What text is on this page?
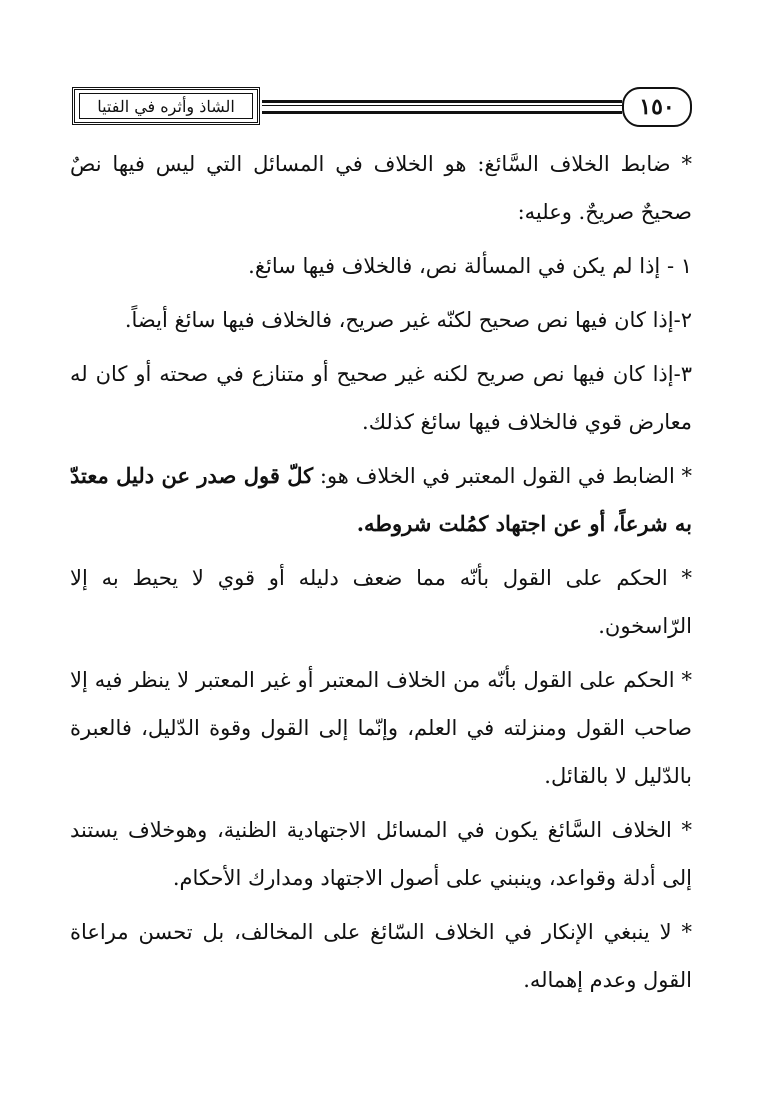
الشاذ وأثره في الفتيا	١٥٠

* ضابط الخلاف السَّائغ: هو الخلاف في المسائل التي ليس فيها نصٌ صحيحٌ صريحٌ. وعليه:

١ - إذا لم يكن في المسألة نص، فالخلاف فيها سائغ.

٢-إذا كان فيها نص صحيح لكنّه غير صريح، فالخلاف فيها سائغ أيضاً.

٣-إذا كان فيها نص صريح لكنه غير صحيح أو متنازع في صحته أو كان له معارض قوي فالخلاف فيها سائغ كذلك.

* الضابط في القول المعتبر في الخلاف هو: كلّ قول صدر عن دليل معتدّ به شرعاً، أو عن اجتهاد كمُلت شروطه.

* الحكم على القول بأنّه مما ضعف دليله أو قوي لا يحيط به إلا الرّاسخون.

* الحكم على القول بأنّه من الخلاف المعتبر أو غير المعتبر لا ينظر فيه إلا صاحب القول ومنزلته في العلم، وإنّما إلى القول وقوة الدّليل، فالعبرة بالدّليل لا بالقائل.

* الخلاف السَّائغ يكون في المسائل الاجتهادية الظنية، وهوخلاف يستند إلى أدلة وقواعد، وينبني على أصول الاجتهاد ومدارك الأحكام.

* لا ينبغي الإنكار في الخلاف السّائغ على المخالف، بل تحسن مراعاة القول وعدم إهماله.
